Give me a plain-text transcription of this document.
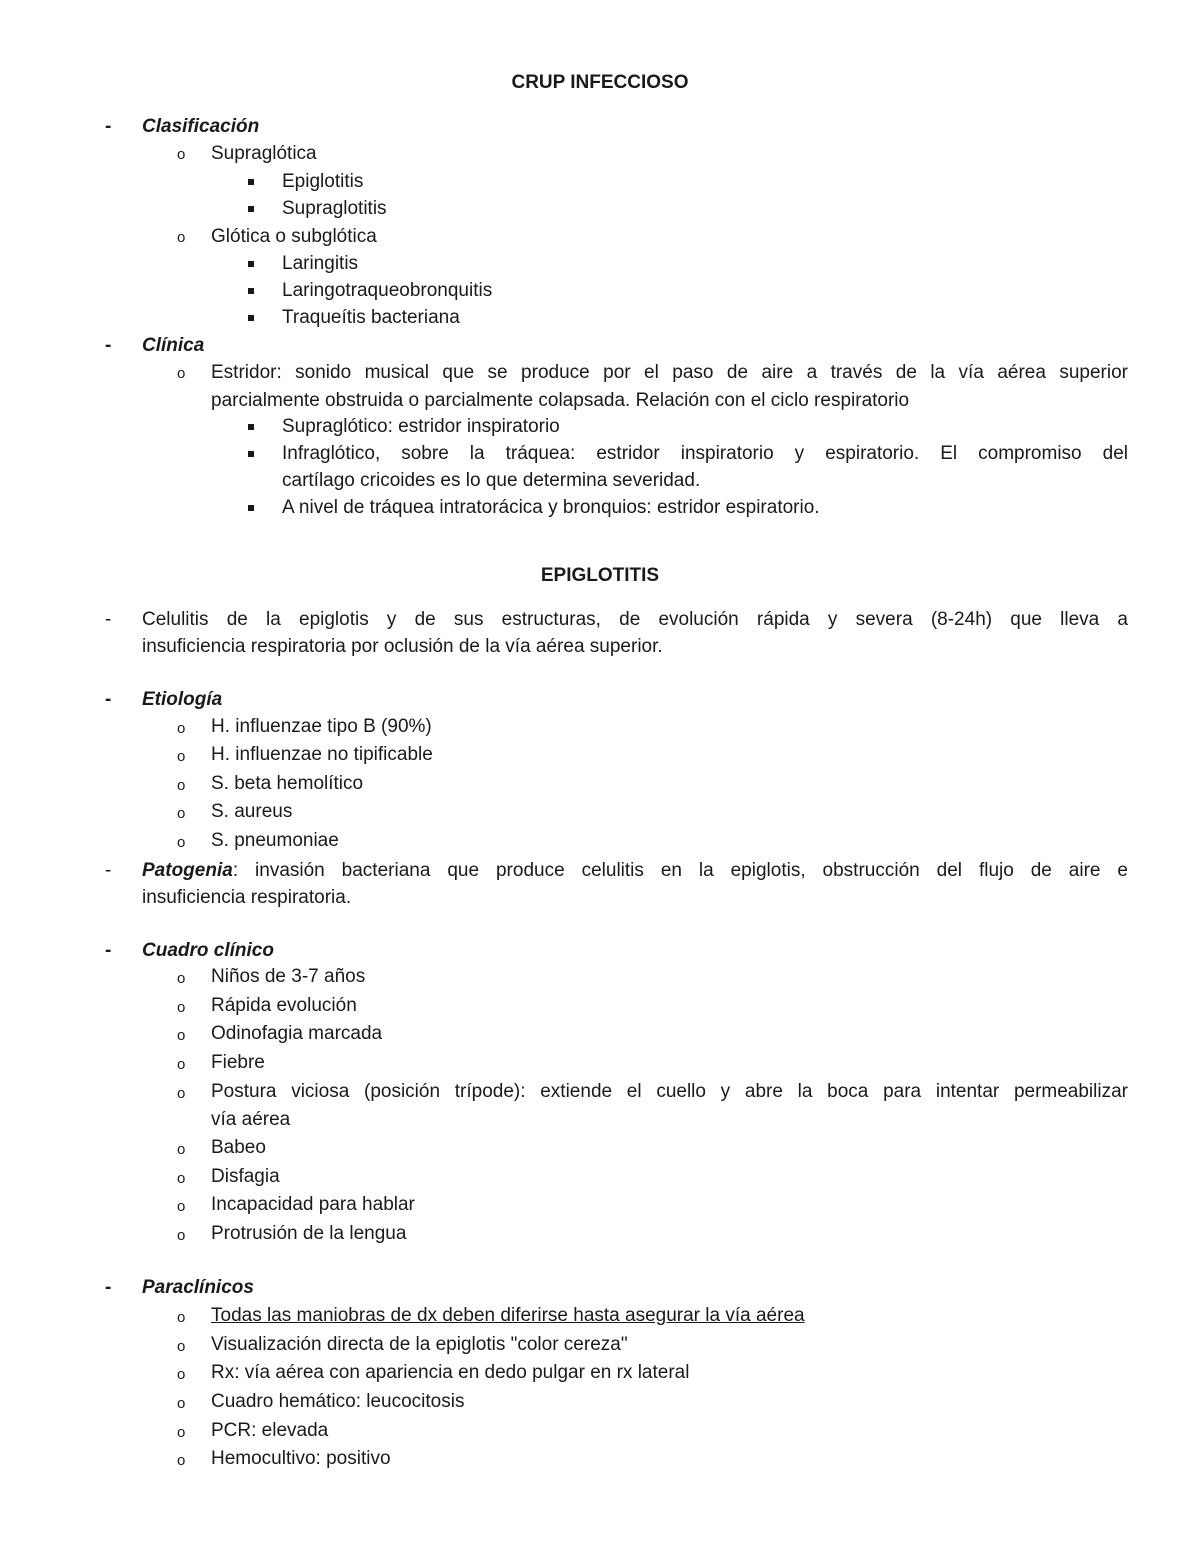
CRUP INFECCIOSO
- Clasificación
o Supraglótica
Epiglotitis
Supraglotitis
o Glótica o subglótica
Laringitis
Laringotraqueobronquitis
Traqueítis bacteriana
- Clínica
o Estridor: sonido musical que se produce por el paso de aire a través de la vía aérea superior
parcialmente obstruida o parcialmente colapsada. Relación con el ciclo respiratorio
Supraglótico: estridor inspiratorio
Infraglótico, sobre la tráquea: estridor inspiratorio y espiratorio. El compromiso del
cartílago cricoides es lo que determina severidad.
A nivel de tráquea intratorácica y bronquios: estridor espiratorio.
EPIGLOTITIS
- Celulitis de la epiglotis y de sus estructuras, de evolución rápida y severa (8-24h) que lleva a
insuficiencia respiratoria por oclusión de la vía aérea superior.
- Etiología
o H. influenzae tipo B (90%)
o H. influenzae no tipificable
o S. beta hemolítico
o S. aureus
o S. pneumoniae
- Patogenia : invasión bacteriana que produce celulitis en la epiglotis, obstrucción del flujo de aire e
insuficiencia respiratoria.
- Cuadro clínico
o Niños de 3-7 años
o Rápida evolución
o Odinofagia marcada
o Fiebre
o Postura viciosa (posición trípode): extiende el cuello y abre la boca para intentar permeabilizar
vía aérea
o Babeo
o Disfagia
o Incapacidad para hablar
o Protrusión de la lengua
- Paraclínicos
o Todas las maniobras de dx deben diferirse hasta asegurar la vía aérea
o Visualización directa de la epiglotis "color cereza"
o Rx: vía aérea con apariencia en dedo pulgar en rx lateral
o Cuadro hemático: leucocitosis
o PCR: elevada
o Hemocultivo: positivo
